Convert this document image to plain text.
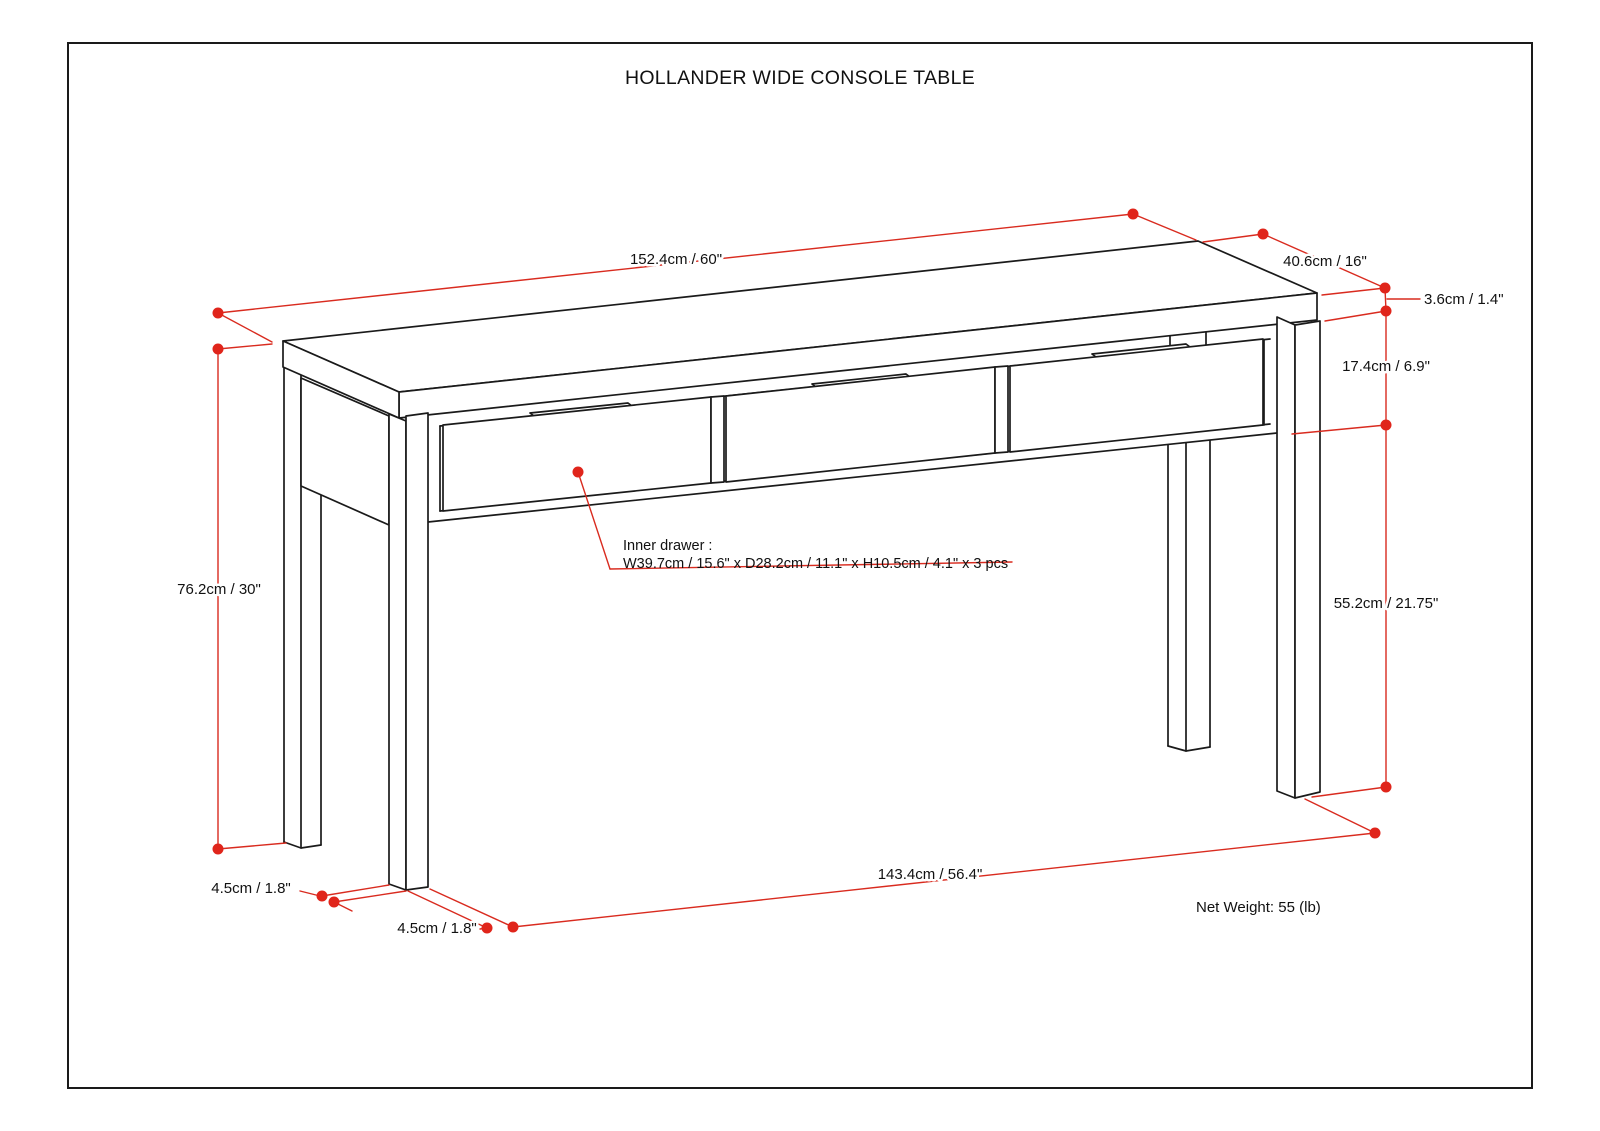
HOLLANDER WIDE CONSOLE TABLE
152.4cm / 60"	40.6cm / 16"
3.6cm / 1.4"
17.4cm / 6.9"
55.2cm / 21.75"
76.2cm / 30"
143.4cm / 56.4"
4.5cm / 1.8"
4.5cm / 1.8"
Net Weight: 55 (lb)
Inner drawer :
W39.7cm / 15.6" x D28.2cm / 11.1" x H10.5cm / 4.1" x 3 pcs
